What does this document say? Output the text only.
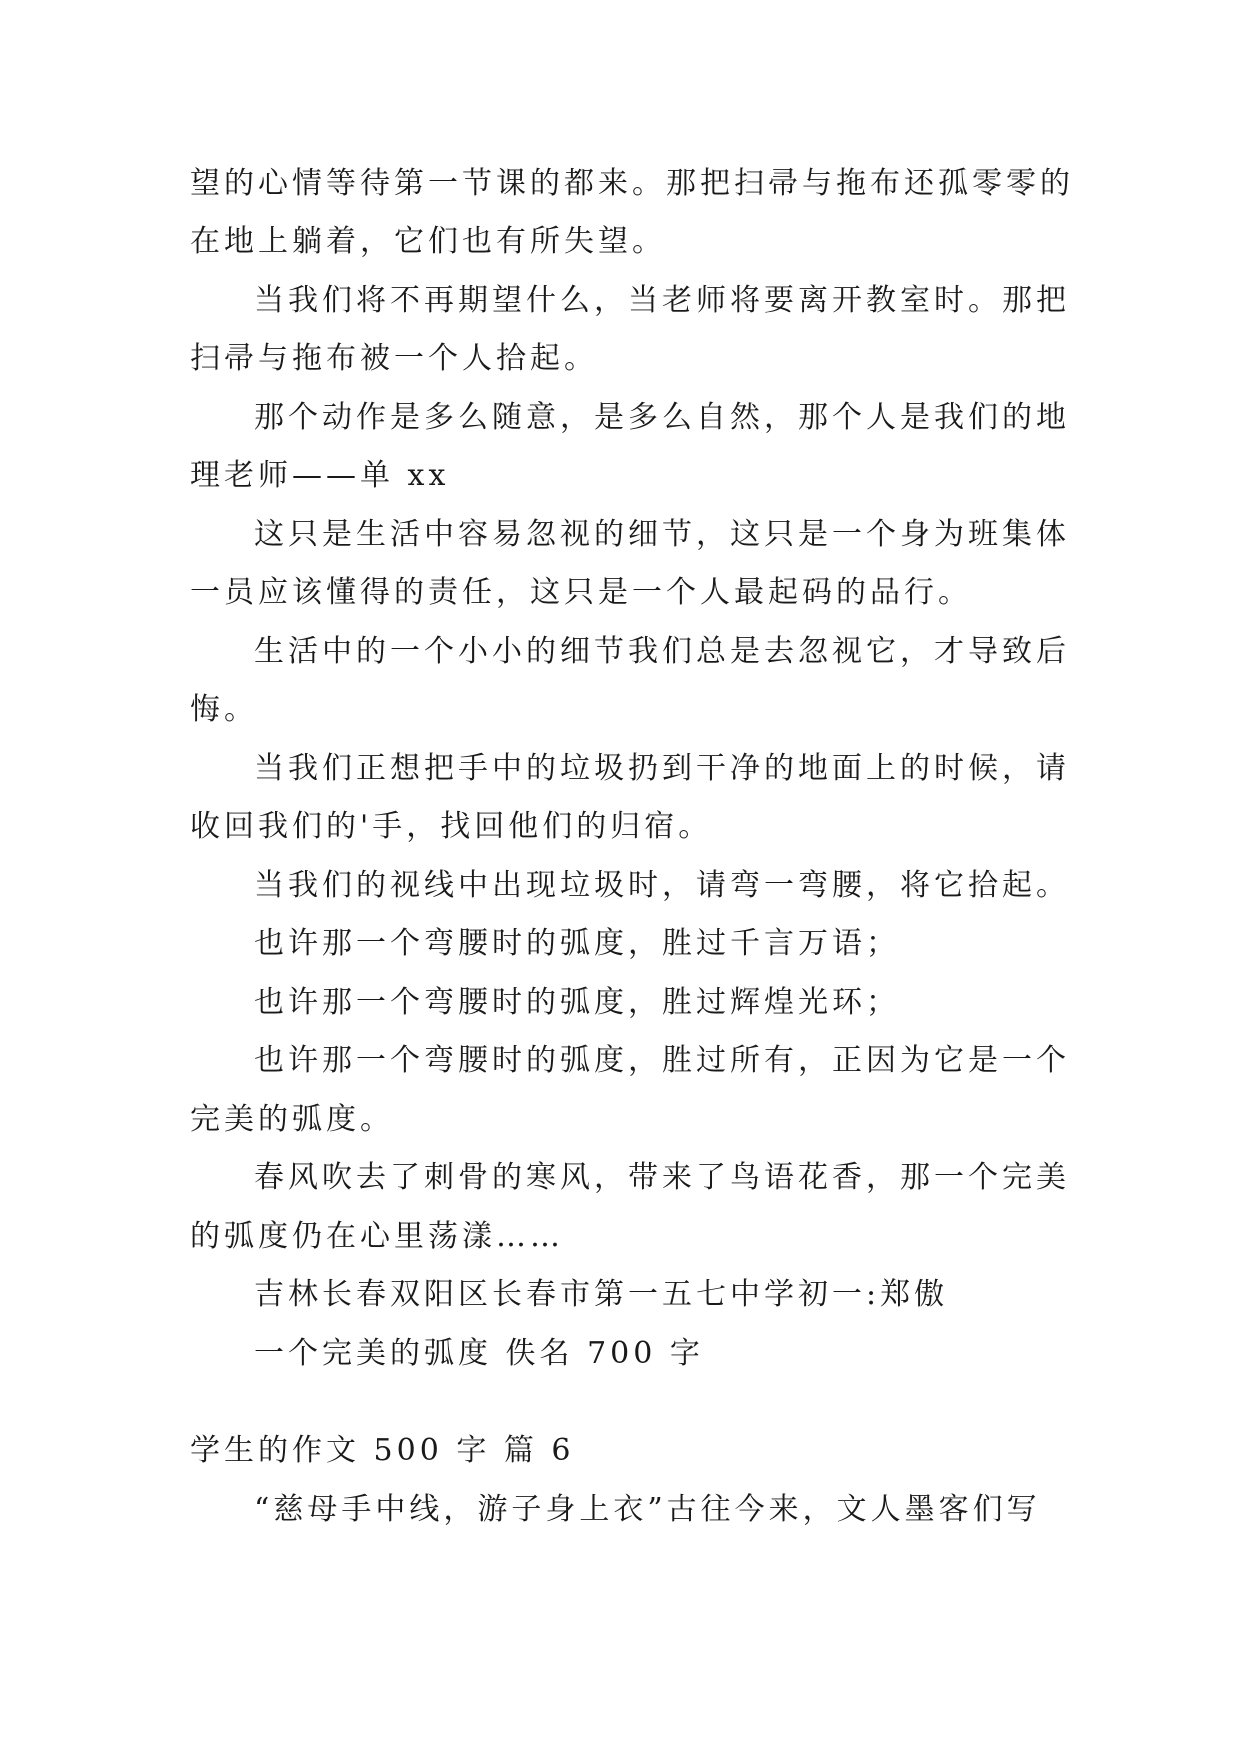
望的心情等待第一节课的都来。那把扫帚与拖布还孤零零的
在地上躺着，它们也有所失望。
当我们将不再期望什么，当老师将要离开教室时。那把
扫帚与拖布被一个人拾起。
那个动作是多么随意，是多么自然，那个人是我们的地
理老师——单 xx
这只是生活中容易忽视的细节，这只是一个身为班集体
一员应该懂得的责任，这只是一个人最起码的品行。
生活中的一个小小的细节我们总是去忽视它，才导致后
悔。
当我们正想把手中的垃圾扔到干净的地面上的时候，请
收回我们的'手，找回他们的归宿。
当我们的视线中出现垃圾时，请弯一弯腰，将它拾起。
也许那一个弯腰时的弧度，胜过千言万语；
也许那一个弯腰时的弧度，胜过辉煌光环；
也许那一个弯腰时的弧度，胜过所有，正因为它是一个
完美的弧度。
春风吹去了刺骨的寒风，带来了鸟语花香，那一个完美
的弧度仍在心里荡漾……
吉林长春双阳区长春市第一五七中学初一:郑傲
一个完美的弧度 佚名 700 字
学生的作文 500 字 篇 6
“慈母手中线，游子身上衣”古往今来，文人墨客们写
